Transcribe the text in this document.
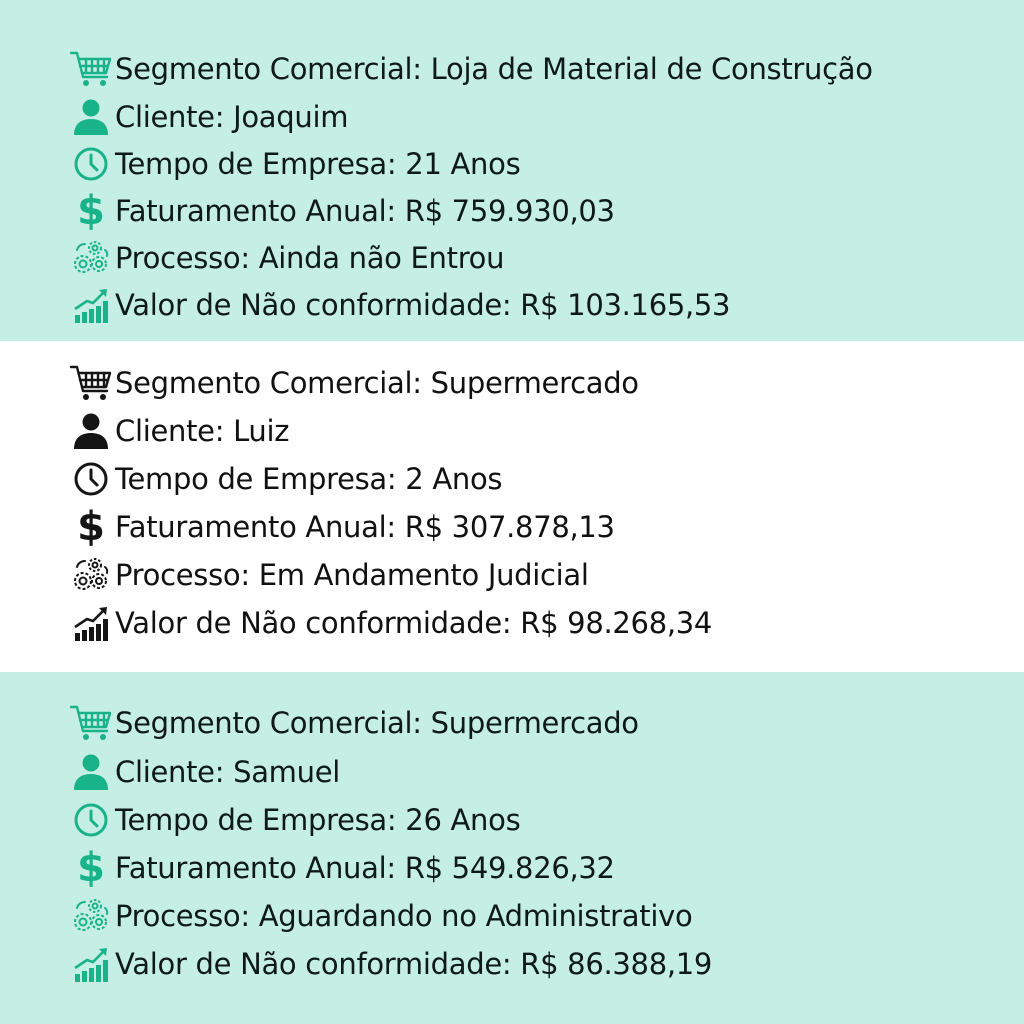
Segmento Comercial: Loja de Material de Construção
Cliente: Joaquim
Tempo de Empresa: 21 Anos
$ Faturamento Anual: R$ 759.930,03
Processo: Ainda não Entrou
Valor de Não conformidade: R$ 103.165,53
Segmento Comercial: Supermercado
Cliente: Luiz
Tempo de Empresa: 2 Anos
$ Faturamento Anual: R$ 307.878,13
Processo: Em Andamento Judicial
Valor de Não conformidade: R$ 98.268,34
Segmento Comercial: Supermercado
Cliente: Samuel
Tempo de Empresa: 26 Anos
$ Faturamento Anual: R$ 549.826,32
Processo: Aguardando no Administrativo
Valor de Não conformidade: R$ 86.388,19
